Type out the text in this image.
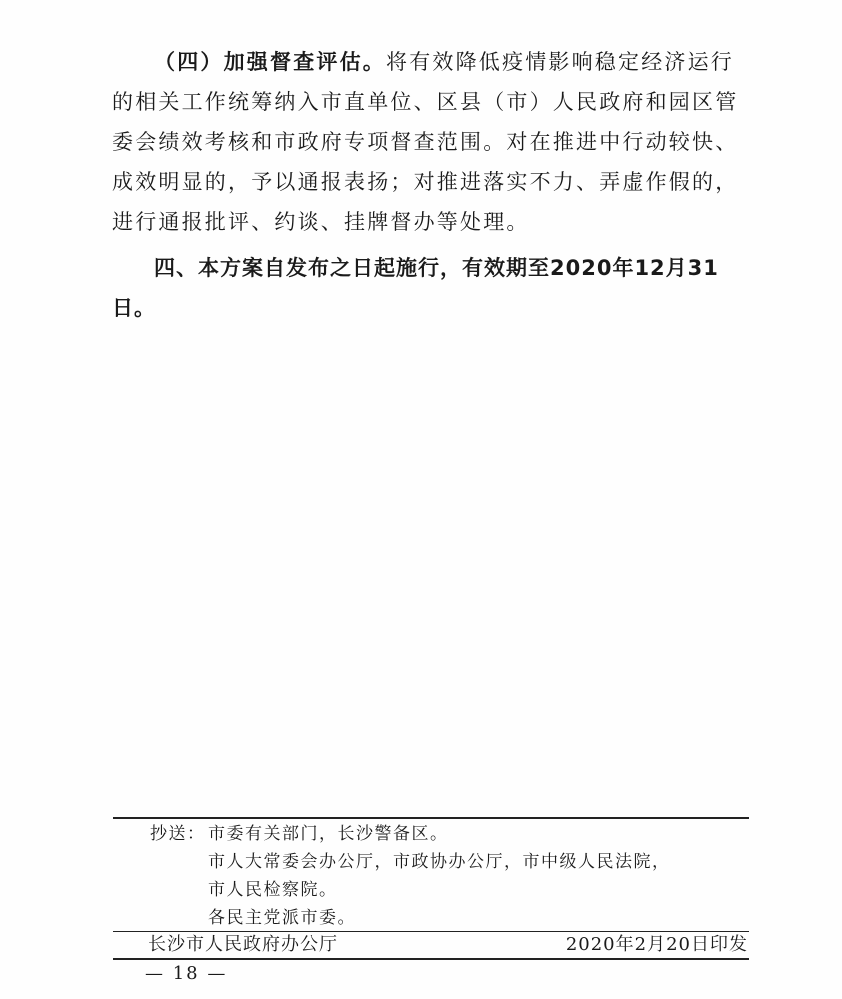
（四）加强督查评估。将有效降低疫情影响稳定经济运行的相关工作统筹纳入市直单位、区县（市）人民政府和园区管委会绩效考核和市政府专项督查范围。对在推进中行动较快、成效明显的，予以通报表扬；对推进落实不力、弄虚作假的，进行通报批评、约谈、挂牌督办等处理。

四、本方案自发布之日起施行，有效期至2020年12月31日。

抄送： 市委有关部门，长沙警备区。
市人大常委会办公厅，市政协办公厅，市中级人民法院，
市人民检察院。
各民主党派市委。
长沙市人民政府办公厅	2020年2月20日印发
— 18 —
